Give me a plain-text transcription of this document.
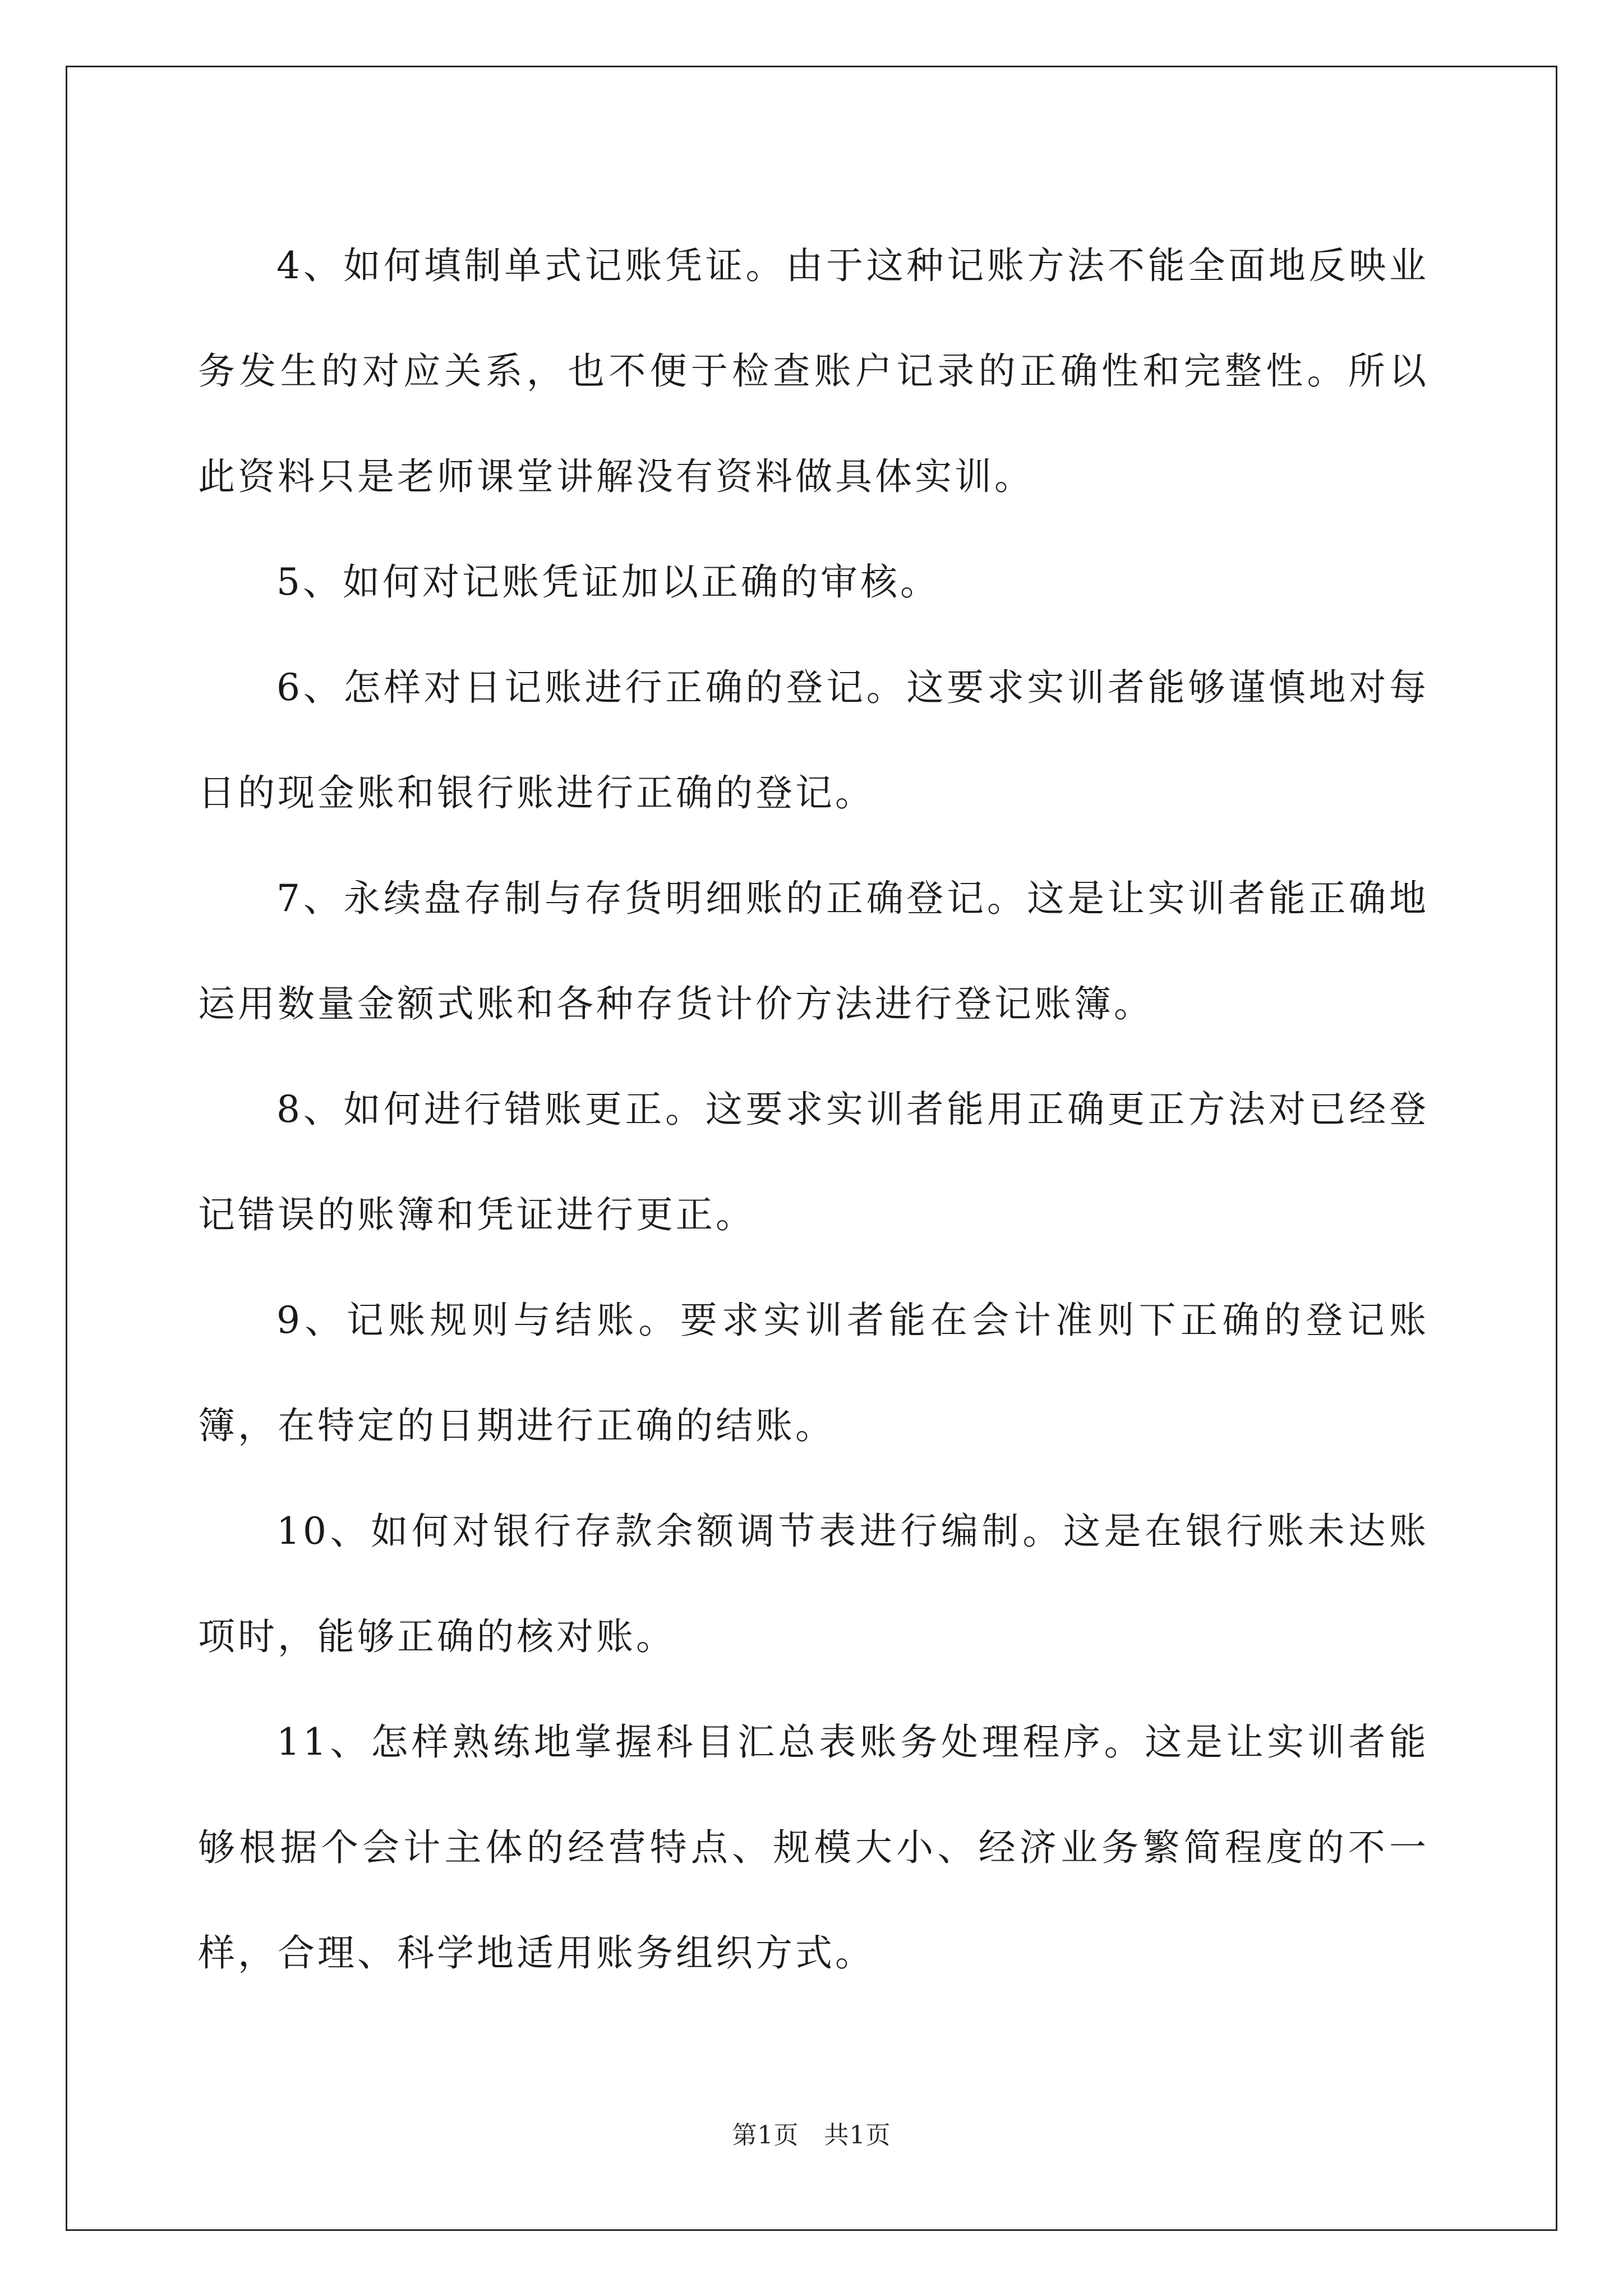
4、如何填制单式记账凭证。由于这种记账方法不能全面地反映业务发生的对应关系，也不便于检查账户记录的正确性和完整性。所以此资料只是老师课堂讲解没有资料做具体实训。

5、如何对记账凭证加以正确的审核。

6、怎样对日记账进行正确的登记。这要求实训者能够谨慎地对每日的现金账和银行账进行正确的登记。

7、永续盘存制与存货明细账的正确登记。这是让实训者能正确地运用数量金额式账和各种存货计价方法进行登记账簿。

8、如何进行错账更正。这要求实训者能用正确更正方法对已经登记错误的账簿和凭证进行更正。

9、记账规则与结账。要求实训者能在会计准则下正确的登记账簿，在特定的日期进行正确的结账。

10、如何对银行存款余额调节表进行编制。这是在银行账未达账项时，能够正确的核对账。

11、怎样熟练地掌握科目汇总表账务处理程序。这是让实训者能够根据个会计主体的经营特点、规模大小、经济业务繁简程度的不一样，合理、科学地适用账务组织方式。

第1页　共1页
